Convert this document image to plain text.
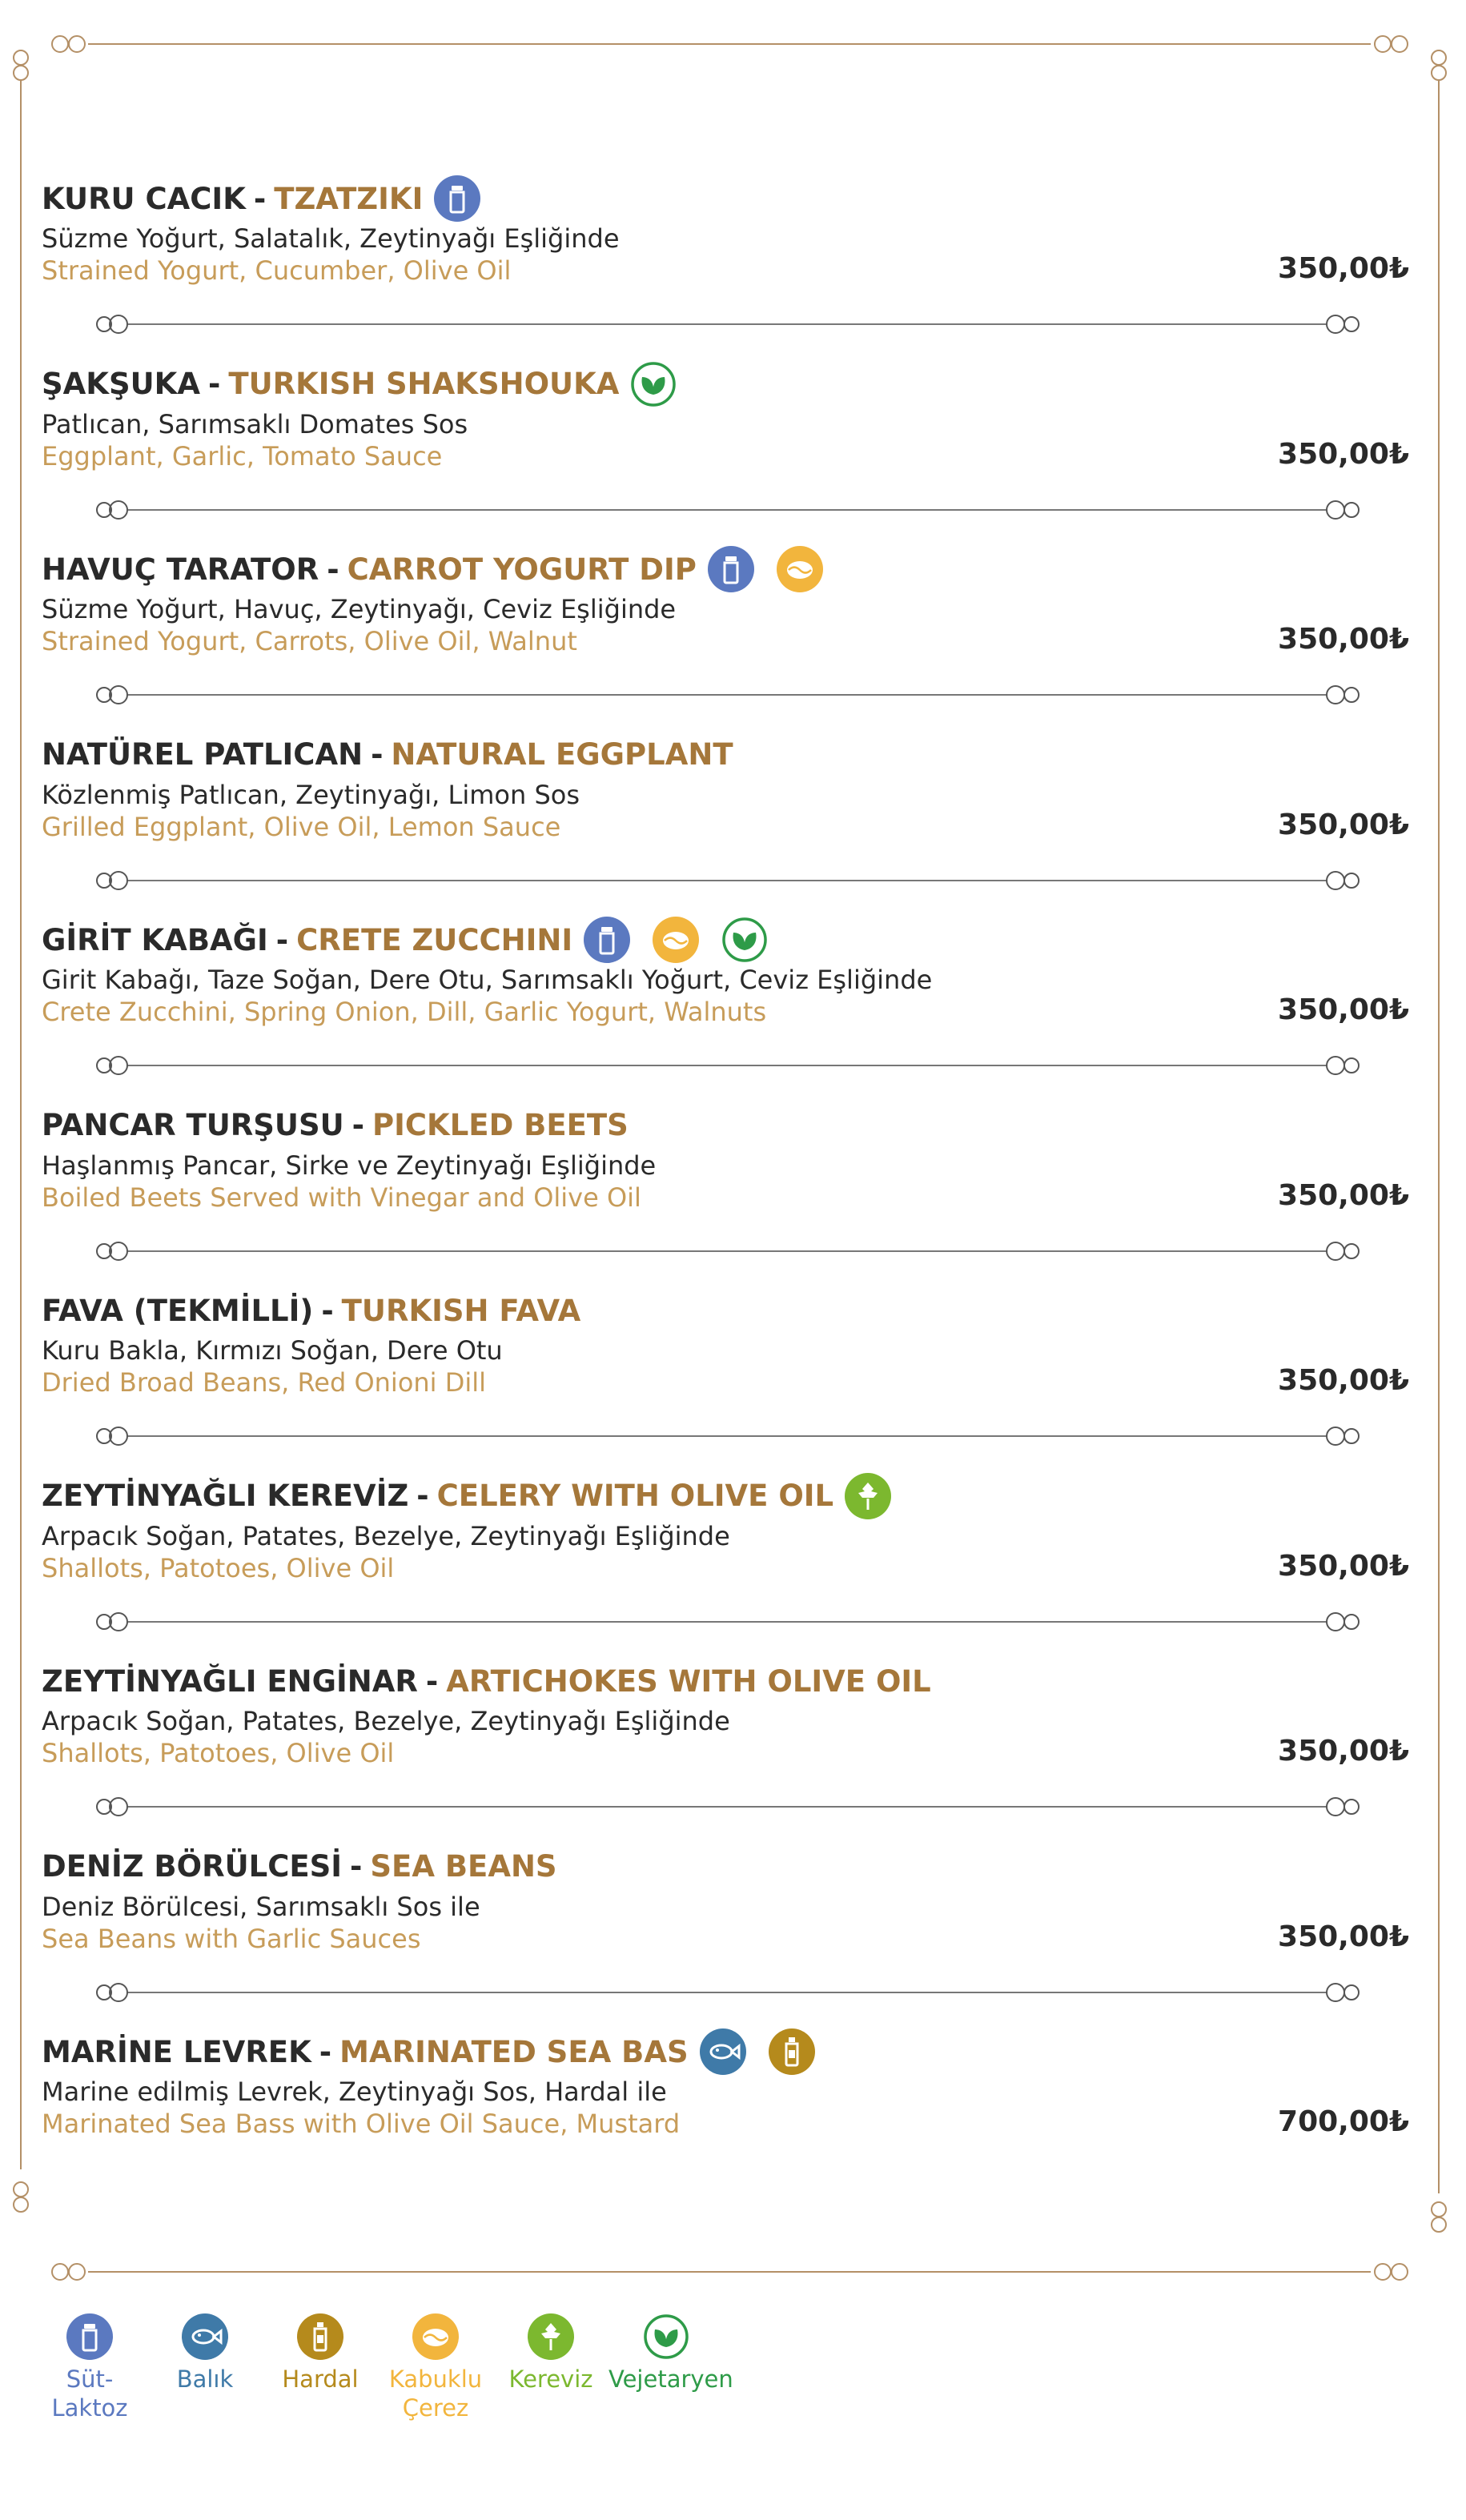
KURU CACIK - TZATZIKI
Süzme Yoğurt, Salatalık, Zeytinyağı Eşliğinde
Strained Yogurt, Cucumber, Olive Oil	350,00₺
ŞAKŞUKA - TURKISH SHAKSHOUKA
Patlıcan, Sarımsaklı Domates Sos
Eggplant, Garlic, Tomato Sauce	350,00₺
HAVUÇ TARATOR - CARROT YOGURT DIP
Süzme Yoğurt, Havuç, Zeytinyağı, Ceviz Eşliğinde
Strained Yogurt, Carrots, Olive Oil, Walnut	350,00₺
NATÜREL PATLICAN - NATURAL EGGPLANT
Közlenmiş Patlıcan, Zeytinyağı, Limon Sos
Grilled Eggplant, Olive Oil, Lemon Sauce	350,00₺
GİRİT KABAĞI - CRETE ZUCCHINI
Girit Kabağı, Taze Soğan, Dere Otu, Sarımsaklı Yoğurt, Ceviz Eşliğinde
Crete Zucchini, Spring Onion, Dill, Garlic Yogurt, Walnuts	350,00₺
PANCAR TURŞUSU - PICKLED BEETS
Haşlanmış Pancar, Sirke ve Zeytinyağı Eşliğinde
Boiled Beets Served with Vinegar and Olive Oil	350,00₺
FAVA (TEKMİLLİ) - TURKISH FAVA
Kuru Bakla, Kırmızı Soğan, Dere Otu
Dried Broad Beans, Red Onioni Dill	350,00₺
ZEYTİNYAĞLI KEREVİZ - CELERY WITH OLIVE OIL
Arpacık Soğan, Patates, Bezelye, Zeytinyağı Eşliğinde
Shallots, Patotoes, Olive Oil	350,00₺
ZEYTİNYAĞLI ENGİNAR - ARTICHOKES WITH OLIVE OIL
Arpacık Soğan, Patates, Bezelye, Zeytinyağı Eşliğinde
Shallots, Patotoes, Olive Oil	350,00₺
DENİZ BÖRÜLCESİ - SEA BEANS
Deniz Börülcesi, Sarımsaklı Sos ile
Sea Beans with Garlic Sauces	350,00₺
MARİNE LEVREK - MARINATED SEA BAS
Marine edilmiş Levrek, Zeytinyağı Sos, Hardal ile
Marinated Sea Bass with Olive Oil Sauce, Mustard	700,00₺
Süt-Laktoz
Balık	Hardal	Kabuklu Çerez
Kereviz Vejetaryen
